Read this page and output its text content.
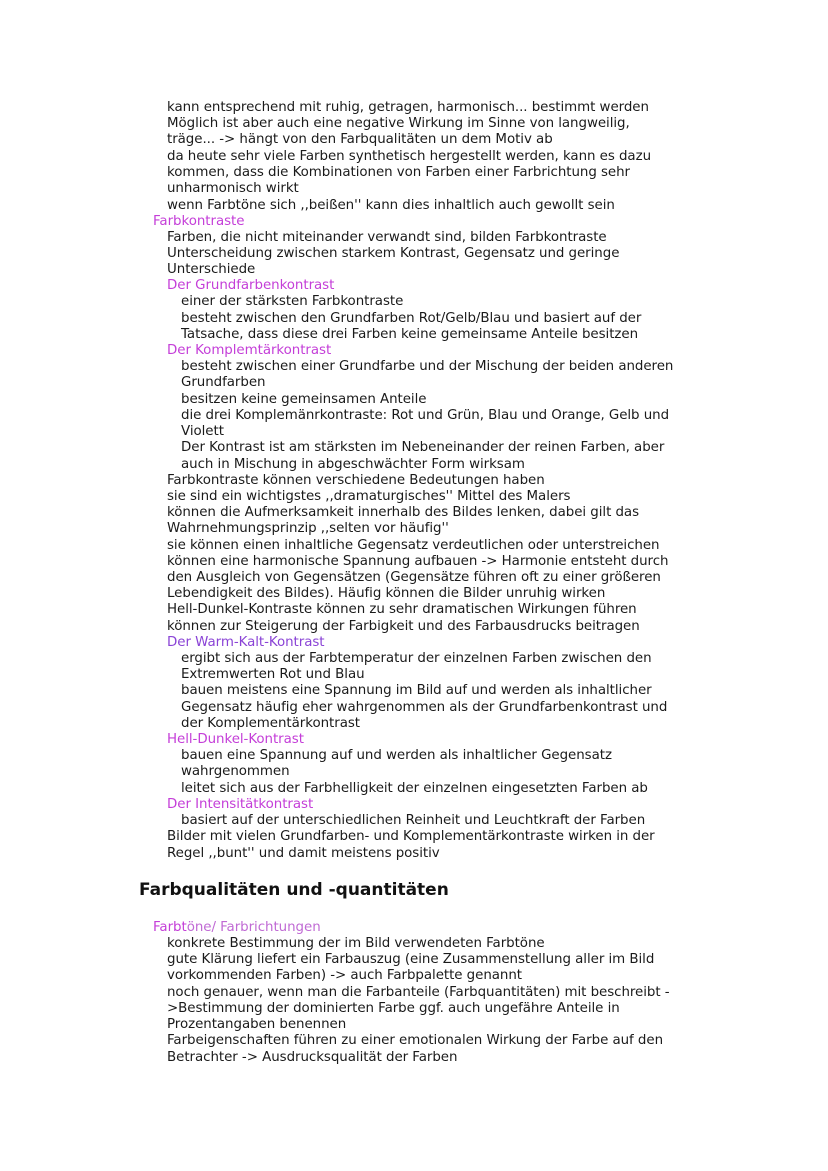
kann entsprechend mit ruhig, getragen, harmonisch... bestimmt werden
Möglich ist aber auch eine negative Wirkung im Sinne von langweilig,
träge... -> hängt von den Farbqualitäten un dem Motiv ab
da heute sehr viele Farben synthetisch hergestellt werden, kann es dazu
kommen, dass die Kombinationen von Farben einer Farbrichtung sehr
unharmonisch wirkt
wenn Farbtöne sich ,,beißen'' kann dies inhaltlich auch gewollt sein
Farbkontraste
Farben, die nicht miteinander verwandt sind, bilden Farbkontraste
Unterscheidung zwischen starkem Kontrast, Gegensatz und geringe
Unterschiede
Der Grundfarbenkontrast
einer der stärksten Farbkontraste
besteht zwischen den Grundfarben Rot/Gelb/Blau und basiert auf der
Tatsache, dass diese drei Farben keine gemeinsame Anteile besitzen
Der Komplemtärkontrast
besteht zwischen einer Grundfarbe und der Mischung der beiden anderen
Grundfarben
besitzen keine gemeinsamen Anteile
die drei Komplemänrkontraste: Rot und Grün, Blau und Orange, Gelb und
Violett
Der Kontrast ist am stärksten im Nebeneinander der reinen Farben, aber
auch in Mischung in abgeschwächter Form wirksam
Farbkontraste können verschiedene Bedeutungen haben
sie sind ein wichtigstes ,,dramaturgisches'' Mittel des Malers
können die Aufmerksamkeit innerhalb des Bildes lenken, dabei gilt das
Wahrnehmungsprinzip ,,selten vor häufig''
sie können einen inhaltliche Gegensatz verdeutlichen oder unterstreichen
können eine harmonische Spannung aufbauen -> Harmonie entsteht durch
den Ausgleich von Gegensätzen (Gegensätze führen oft zu einer größeren
Lebendigkeit des Bildes). Häufig können die Bilder unruhig wirken
Hell-Dunkel-Kontraste können zu sehr dramatischen Wirkungen führen
können zur Steigerung der Farbigkeit und des Farbausdrucks beitragen
Der Warm-Kalt-Kontrast
ergibt sich aus der Farbtemperatur der einzelnen Farben zwischen den
Extremwerten Rot und Blau
bauen meistens eine Spannung im Bild auf und werden als inhaltlicher
Gegensatz häufig eher wahrgenommen als der Grundfarbenkontrast und
der Komplementärkontrast
Hell-Dunkel-Kontrast
bauen eine Spannung auf und werden als inhaltlicher Gegensatz
wahrgenommen
leitet sich aus der Farbhelligkeit der einzelnen eingesetzten Farben ab
Der Intensitätkontrast
basiert auf der unterschiedlichen Reinheit und Leuchtkraft der Farben
Bilder mit vielen Grundfarben- und Komplementärkontraste wirken in der
Regel ,,bunt'' und damit meistens positiv
Farbqualitäten und -quantitäten
Farbtöne/ Farbrichtungen
konkrete Bestimmung der im Bild verwendeten Farbtöne
gute Klärung liefert ein Farbauszug (eine Zusammenstellung aller im Bild
vorkommenden Farben) -> auch Farbpalette genannt
noch genauer, wenn man die Farbanteile (Farbquantitäten) mit beschreibt -
>Bestimmung der dominierten Farbe ggf. auch ungefähre Anteile in
Prozentangaben benennen
Farbeigenschaften führen zu einer emotionalen Wirkung der Farbe auf den
Betrachter -> Ausdrucksqualität der Farben
